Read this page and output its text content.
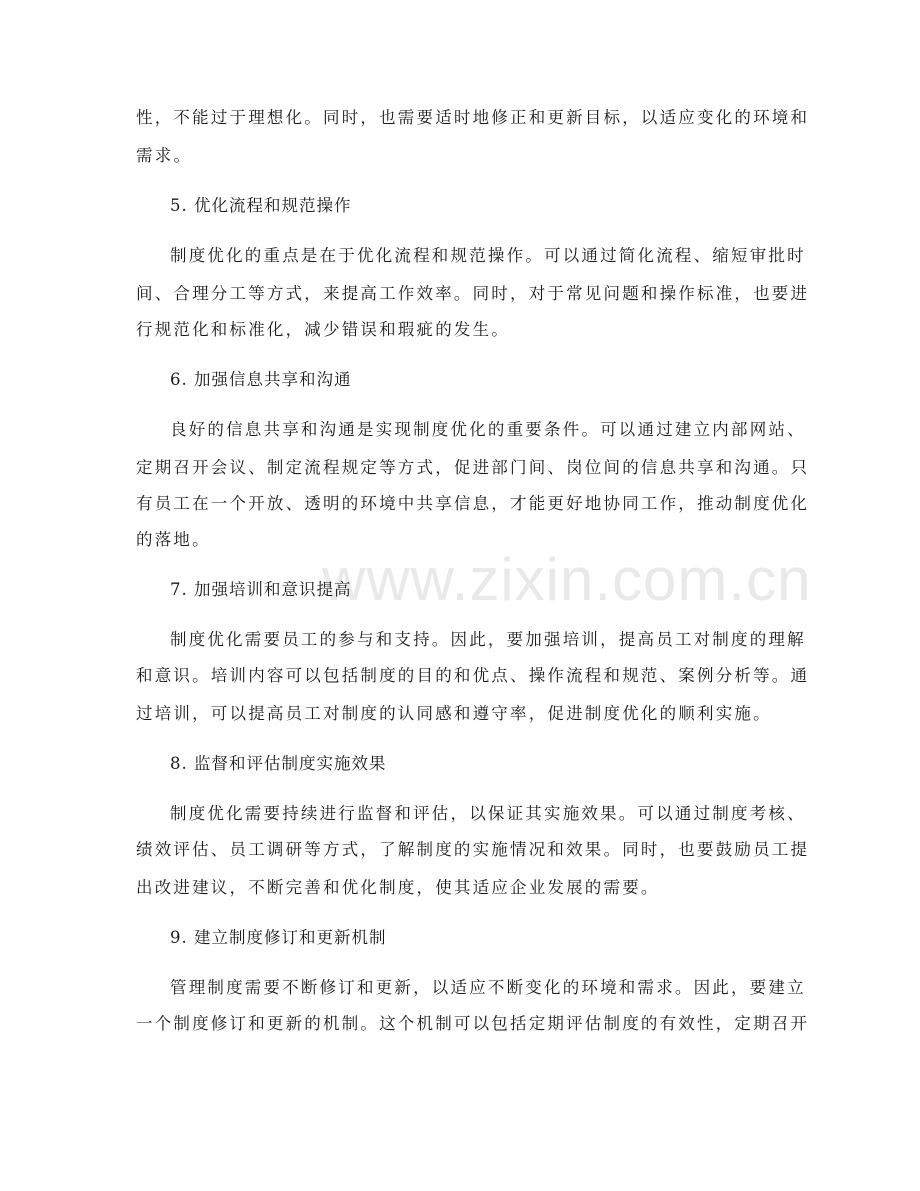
www.zixin.com.cn
性，不能过于理想化。同时，也需要适时地修正和更新目标，以适应变化的环境和
需求。
5. 优化流程和规范操作
制度优化的重点是在于优化流程和规范操作。可以通过简化流程、缩短审批时
间、合理分工等方式，来提高工作效率。同时，对于常见问题和操作标准，也要进
行规范化和标准化，减少错误和瑕疵的发生。
6. 加强信息共享和沟通
良好的信息共享和沟通是实现制度优化的重要条件。可以通过建立内部网站、
定期召开会议、制定流程规定等方式，促进部门间、岗位间的信息共享和沟通。只
有员工在一个开放、透明的环境中共享信息，才能更好地协同工作，推动制度优化
的落地。
7. 加强培训和意识提高
制度优化需要员工的参与和支持。因此，要加强培训，提高员工对制度的理解
和意识。培训内容可以包括制度的目的和优点、操作流程和规范、案例分析等。通
过培训，可以提高员工对制度的认同感和遵守率，促进制度优化的顺利实施。
8. 监督和评估制度实施效果
制度优化需要持续进行监督和评估，以保证其实施效果。可以通过制度考核、
绩效评估、员工调研等方式，了解制度的实施情况和效果。同时，也要鼓励员工提
出改进建议，不断完善和优化制度，使其适应企业发展的需要。
9. 建立制度修订和更新机制
管理制度需要不断修订和更新，以适应不断变化的环境和需求。因此，要建立
一个制度修订和更新的机制。这个机制可以包括定期评估制度的有效性，定期召开
